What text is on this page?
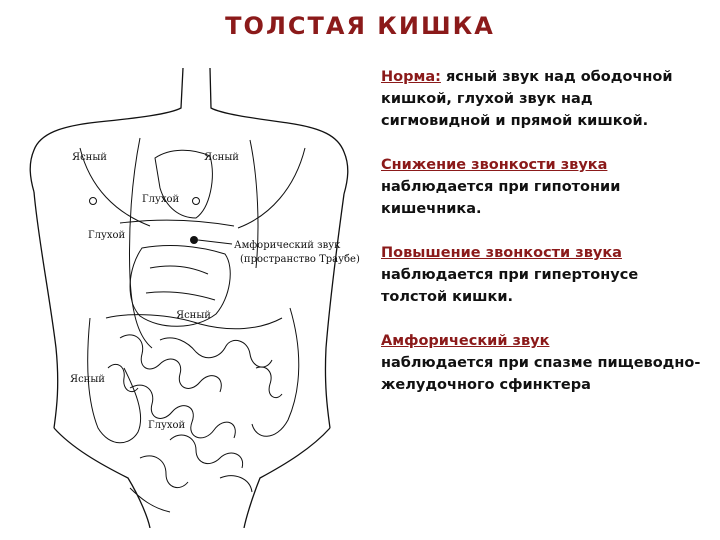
ТОЛСТАЯ КИШКА
Ясный	Ясный
Глухой
Глухой
Амфорический звук
(пространство Траубе)
Ясный
Ясный
Глухой

Норма: ясный звук над ободочной кишкой, глухой звук над сигмовидной и прямой кишкой.

Снижение звонкости звука
наблюдается при гипотонии кишечника.

Повышение звонкости звука
наблюдается при гипертонусе толстой кишки.

Амфорический звук
наблюдается при спазме пищеводно-желудочного сфинктера
